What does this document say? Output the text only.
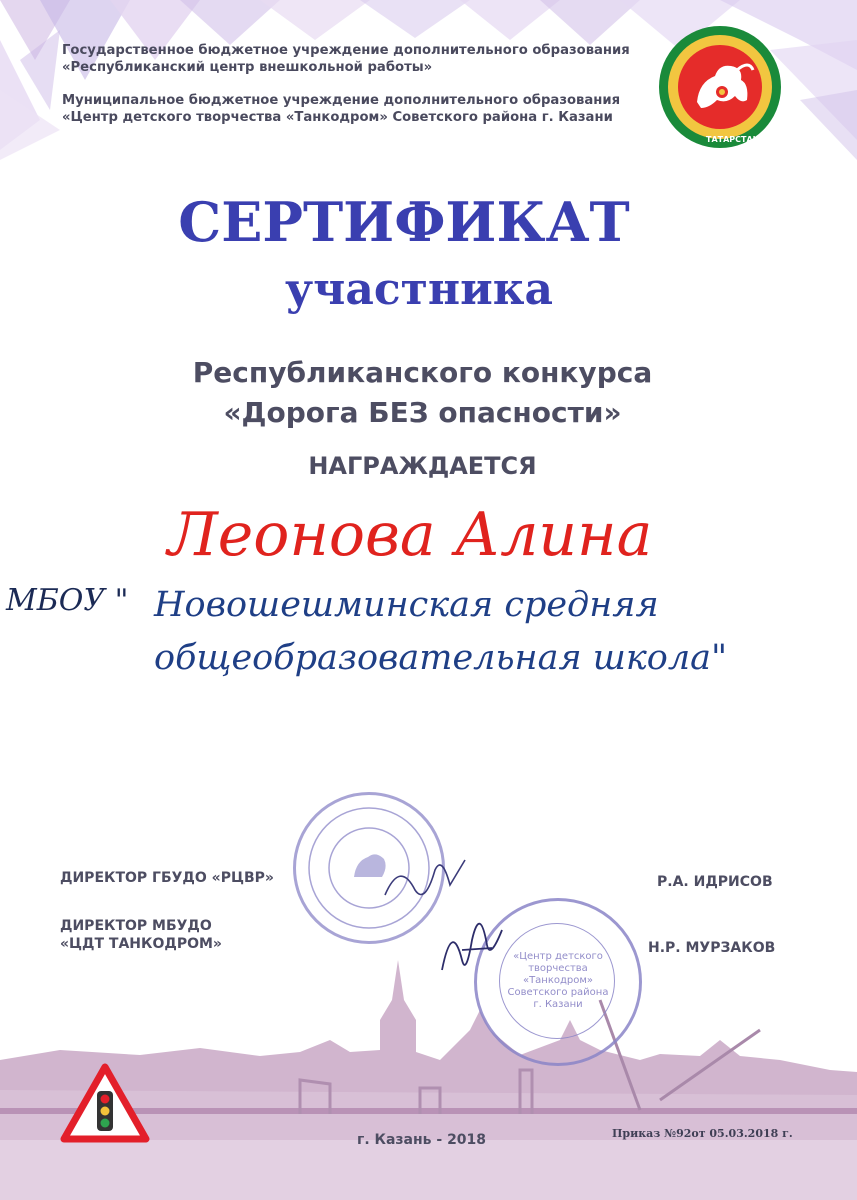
Государственное бюджетное учреждение дополнительного образования
«Республиканский центр внешкольной работы»
Муниципальное бюджетное учреждение дополнительного образования
«Центр детского творчества «Танкодром» Советского района г. Казани
ТАТАРСТАН
СЕРТИФИКАТ
участника
Республиканского конкурса
«Дорога БЕЗ опасности»
НАГРАЖДАЕТСЯ
Леонова Алина
МБОУ " Новошешминская средняя
общеобразовательная школа"
«Центр детского
творчества
«Танкодром»
Советского района
г. Казани
ДИРЕКТОР ГБУДО «РЦВР»	Р.А. ИДРИСОВ
ДИРЕКТОР МБУДО
«ЦДТ ТАНКОДРОМ»	Н.Р. МУРЗАКОВ
г. Казань - 2018	Приказ №92от 05.03.2018 г.
